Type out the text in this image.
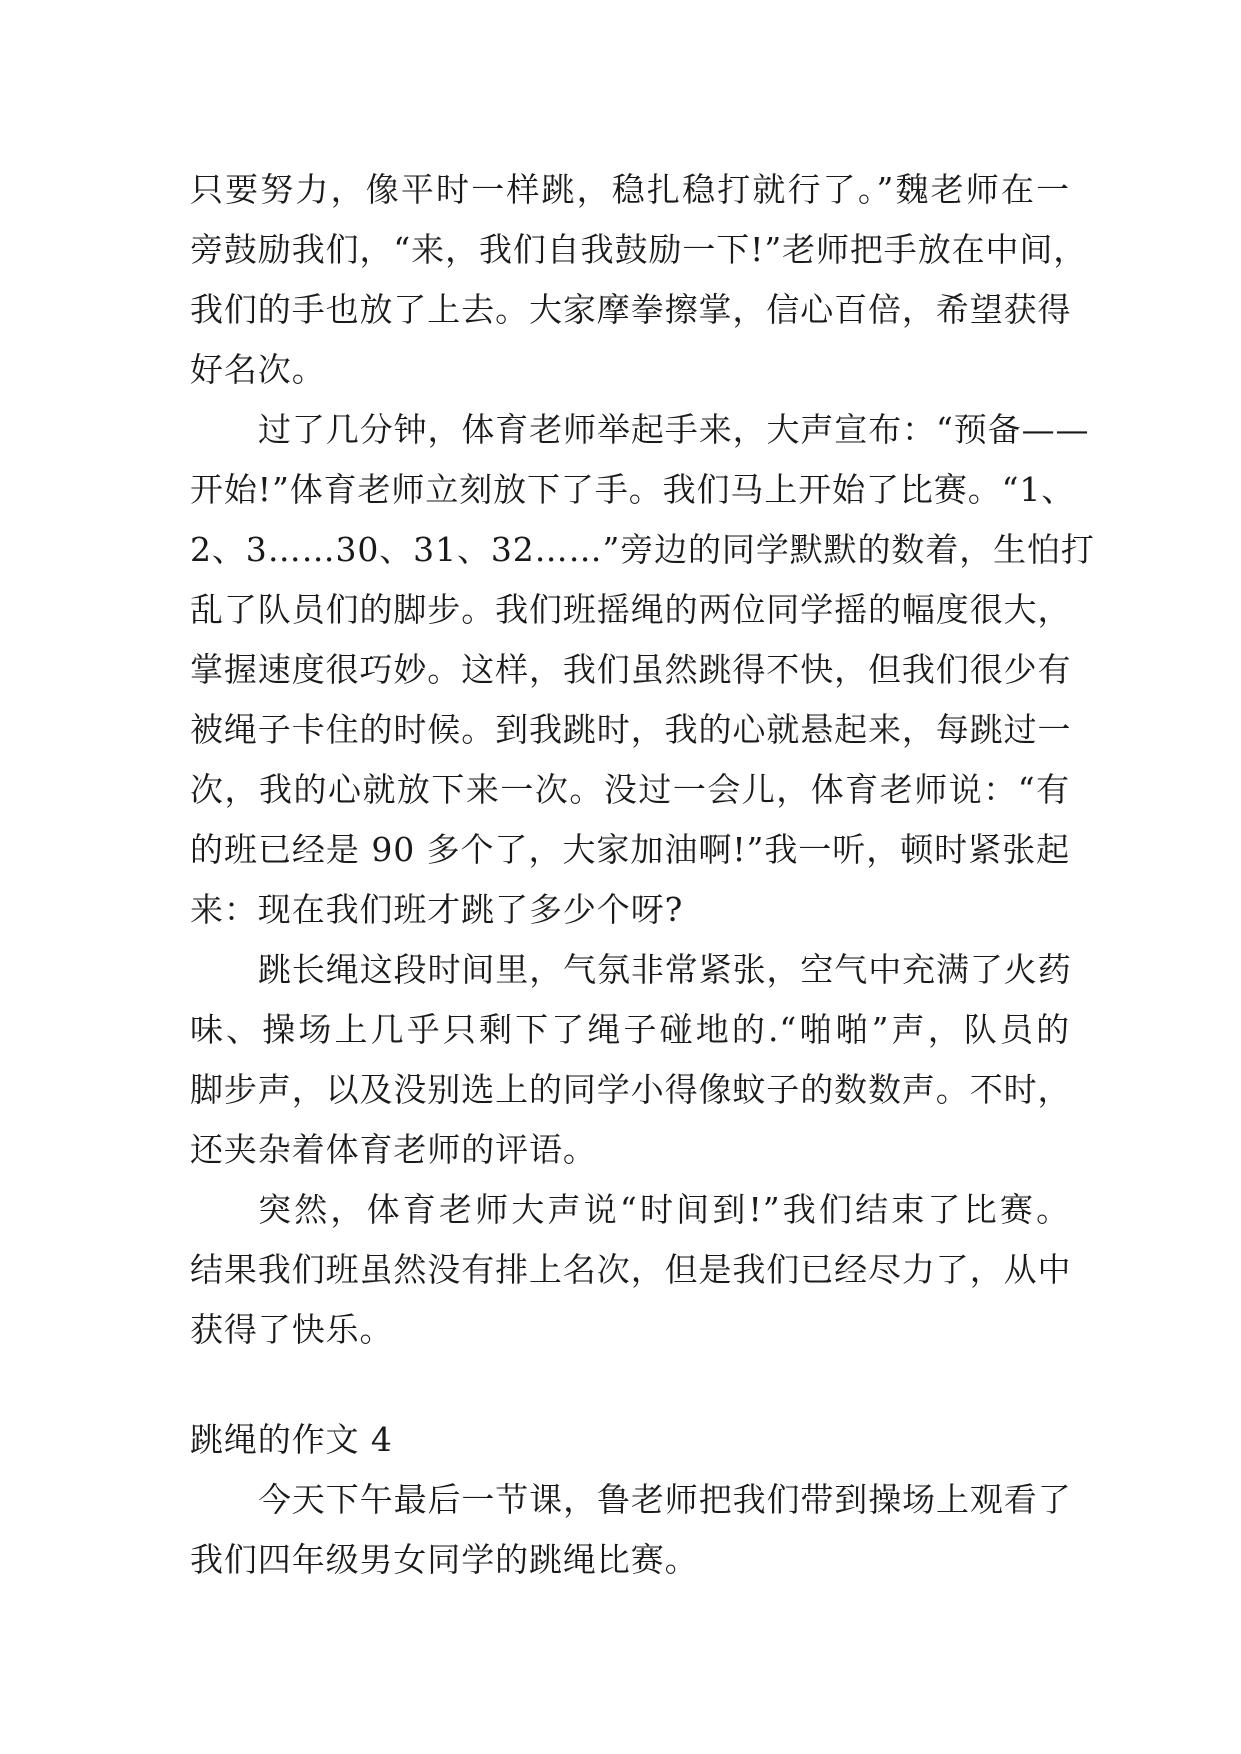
只要努力，像平时一样跳，稳扎稳打就行了。”魏老师在一
旁鼓励我们，“来，我们自我鼓励一下!”老师把手放在中间，
我们的手也放了上去。大家摩拳擦掌，信心百倍，希望获得
好名次。
过了几分钟，体育老师举起手来，大声宣布：“预备——
开始!”体育老师立刻放下了手。我们马上开始了比赛。“1、
2、3……30、31、32……”旁边的同学默默的数着，生怕打
乱了队员们的脚步。我们班摇绳的两位同学摇的幅度很大，
掌握速度很巧妙。这样，我们虽然跳得不快，但我们很少有
被绳子卡住的时候。到我跳时，我的心就悬起来，每跳过一
次，我的心就放下来一次。没过一会儿，体育老师说：“有
的班已经是 90 多个了，大家加油啊!”我一听，顿时紧张起
来：现在我们班才跳了多少个呀?
跳长绳这段时间里，气氛非常紧张，空气中充满了火药
味、操场上几乎只剩下了绳子碰地的.“啪啪”声，队员的
脚步声，以及没别选上的同学小得像蚊子的数数声。不时，
还夹杂着体育老师的评语。
突然，体育老师大声说“时间到!”我们结束了比赛。
结果我们班虽然没有排上名次，但是我们已经尽力了，从中
获得了快乐。
跳绳的作文 4
今天下午最后一节课，鲁老师把我们带到操场上观看了
我们四年级男女同学的跳绳比赛。
